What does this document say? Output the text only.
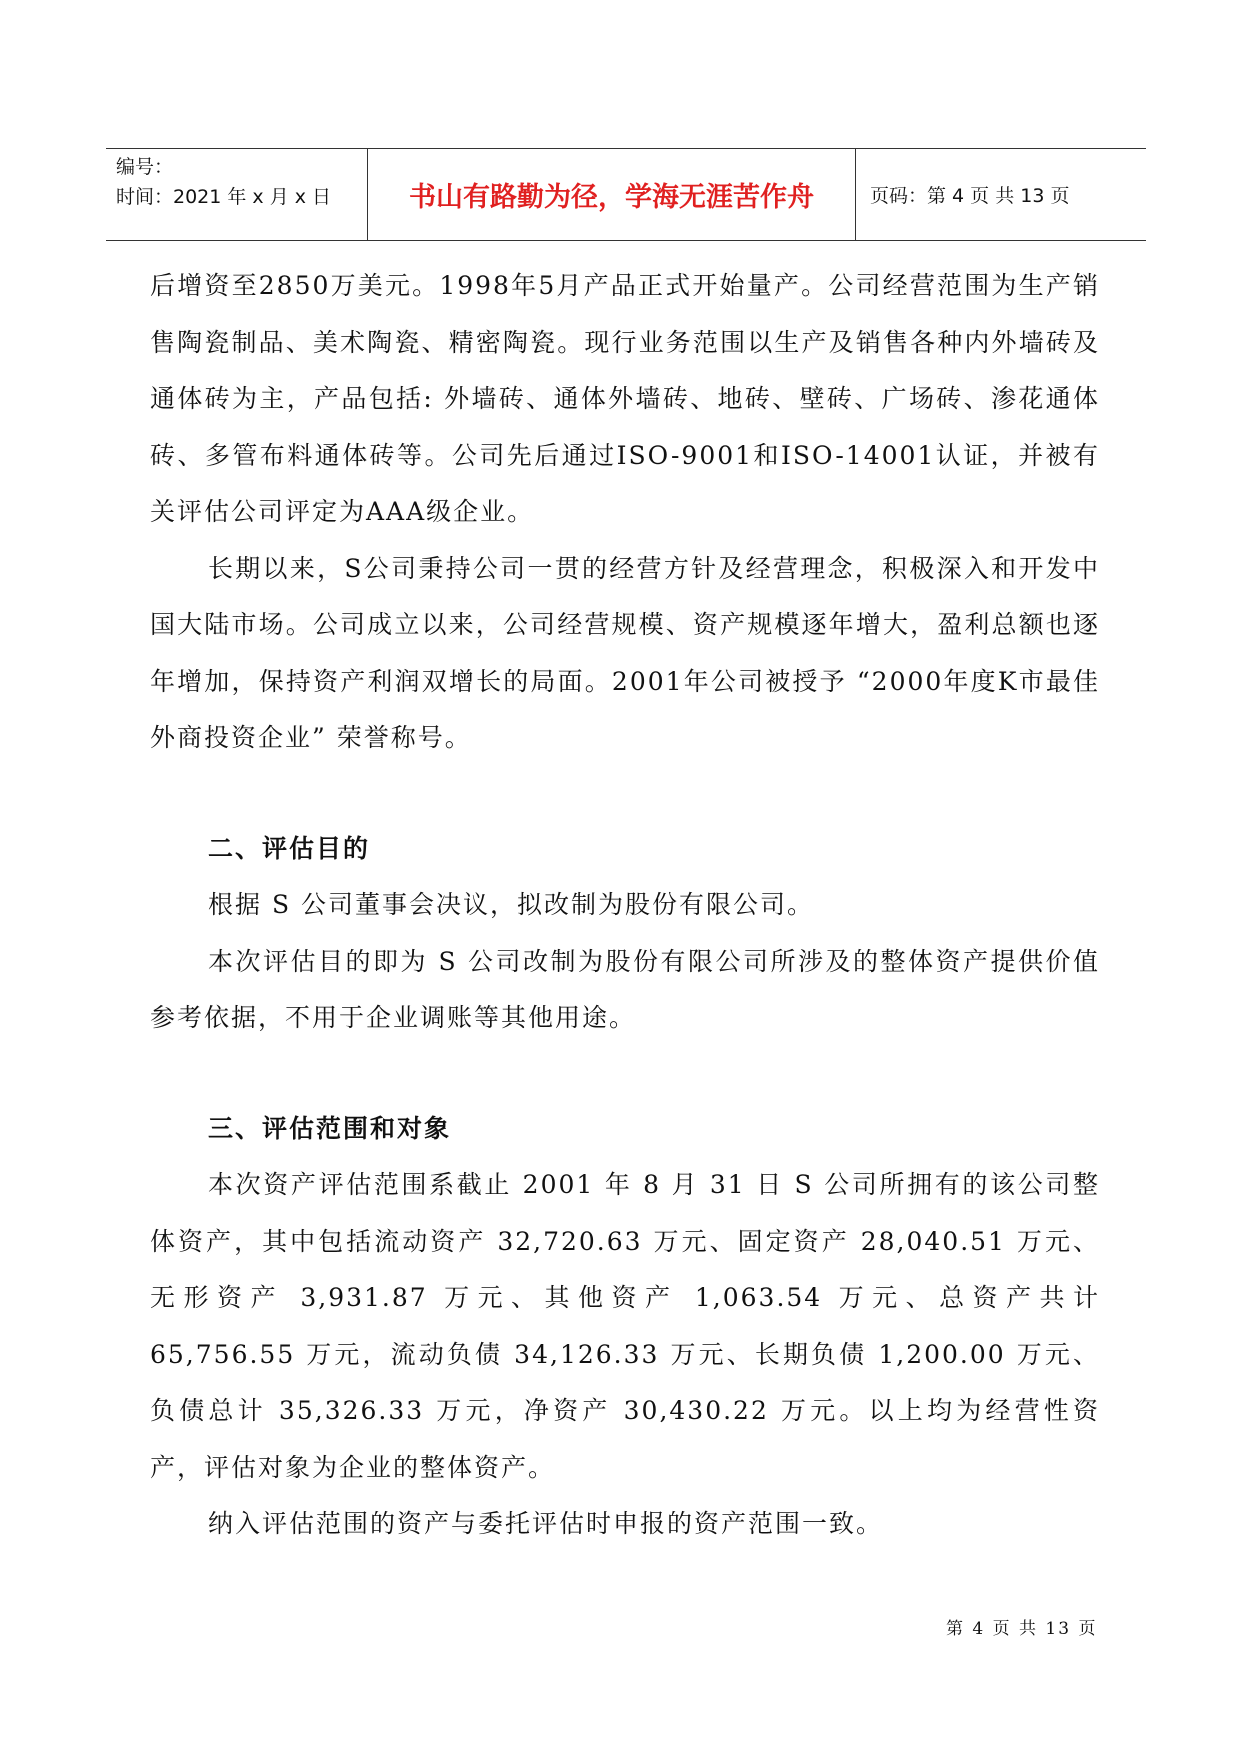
编号：
时间：2021 年 x 月 x 日	书山有路勤为径，学海无涯苦作舟	页码：第 4 页 共 13 页

后增资至2850万美元。1998年5月产品正式开始量产。公司经营范围为生产销售陶瓷制品、美术陶瓷、精密陶瓷。现行业务范围以生产及销售各种内外墙砖及通体砖为主，产品包括: 外墙砖、通体外墙砖、地砖、壁砖、广场砖、渗花通体砖、多管布料通体砖等。公司先后通过ISO-9001和ISO-14001认证，并被有关评估公司评定为AAA级企业。

长期以来，S公司秉持公司一贯的经营方针及经营理念，积极深入和开发中国大陆市场。公司成立以来，公司经营规模、资产规模逐年增大，盈利总额也逐年增加，保持资产利润双增长的局面。2001年公司被授予 “2000年度K市最佳外商投资企业” 荣誉称号。

二、评估目的

根据 S 公司董事会决议，拟改制为股份有限公司。

本次评估目的即为 S 公司改制为股份有限公司所涉及的整体资产提供价值参考依据，不用于企业调账等其他用途。

三、评估范围和对象

本次资产评估范围系截止 2001 年 8 月 31 日 S 公司所拥有的该公司整体资产，其中包括流动资产 32,720.63 万元、固定资产 28,040.51 万元、无形资产 3,931.87 万元、其他资产 1,063.54 万元、总资产共计 65,756.55 万元，流动负债 34,126.33 万元、长期负债 1,200.00 万元、负债总计 35,326.33 万元，净资产 30,430.22 万元。以上均为经营性资产，评估对象为企业的整体资产。

纳入评估范围的资产与委托评估时申报的资产范围一致。

第 4 页 共 13 页
